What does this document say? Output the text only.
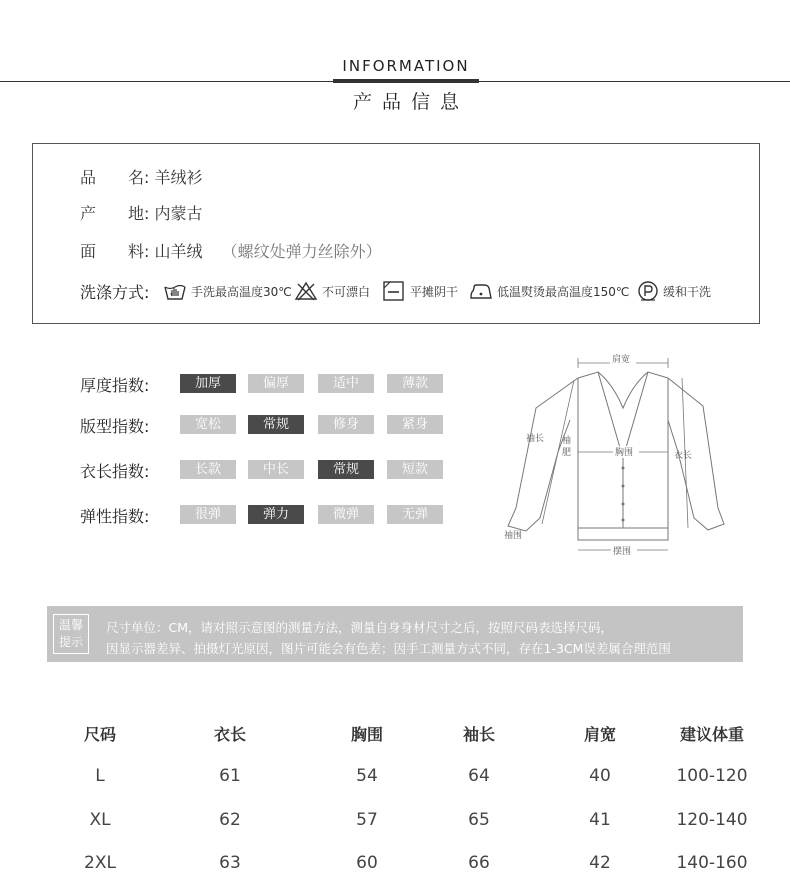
INFORMATION
产品信息
品　　名: 羊绒衫
产　　地: 内蒙古
面　　料: 山羊绒 （螺纹处弹力丝除外）
洗涤方式:	手洗最高温度30℃	不可漂白	平摊阴干	低温熨烫最高温度150℃	缓和干洗
厚度指数:	加厚	偏厚	适中	薄款
版型指数:	宽松	常规	修身	紧身
衣长指数:	长款	中长	常规	短款
弹性指数:	很弹	弹力	微弹	无弹
肩宽
胸围	衣长
袖长 袖
肥
袖围
摆围
温馨
提示
尺寸单位：CM，请对照示意图的测量方法，测量自身身材尺寸之后，按照尺码表选择尺码，
因显示器差异、拍摄灯光原因，图片可能会有色差；因手工测量方式不同，存在1-3CM误差属合理范围
尺码	衣长	胸围	袖长	肩宽	建议体重
L	61	54	64	40	100-120
XL	62	57	65	41	120-140
2XL	63	60	66	42	140-160
